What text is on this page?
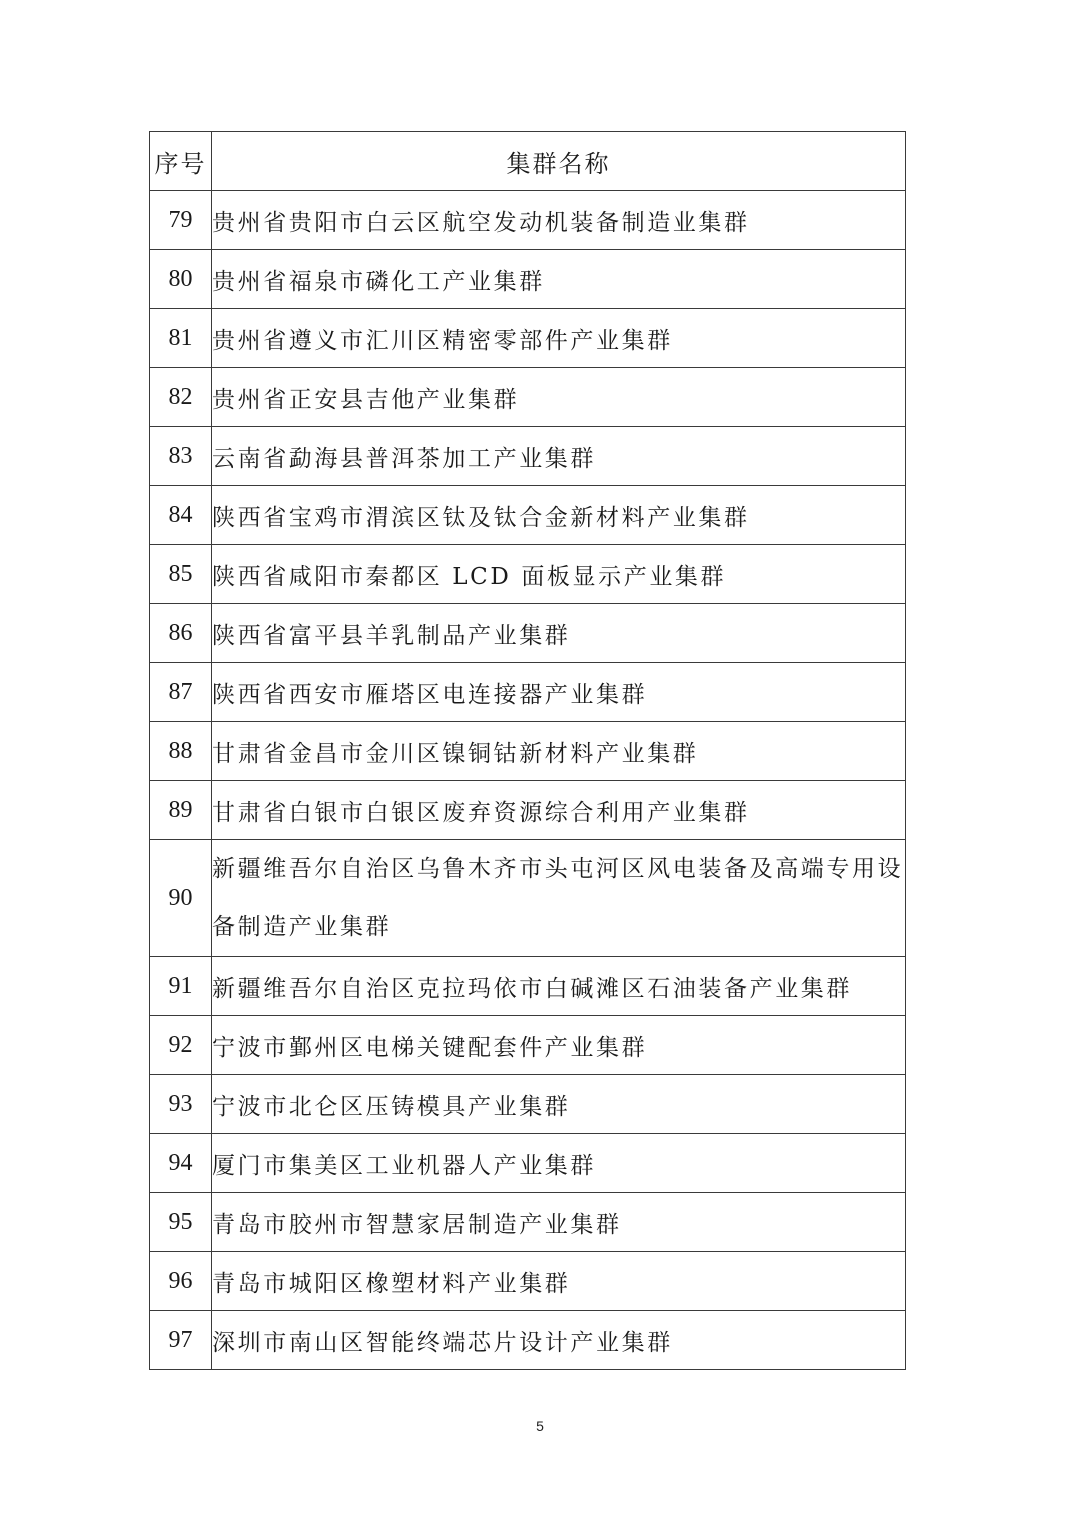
序号	集群名称
79	贵州省贵阳市白云区航空发动机装备制造业集群
80	贵州省福泉市磷化工产业集群
81	贵州省遵义市汇川区精密零部件产业集群
82	贵州省正安县吉他产业集群
83	云南省勐海县普洱茶加工产业集群
84	陕西省宝鸡市渭滨区钛及钛合金新材料产业集群
85	陕西省咸阳市秦都区 LCD 面板显示产业集群
86	陕西省富平县羊乳制品产业集群
87	陕西省西安市雁塔区电连接器产业集群
88	甘肃省金昌市金川区镍铜钴新材料产业集群
89	甘肃省白银市白银区废弃资源综合利用产业集群
90	新疆维吾尔自治区乌鲁木齐市头屯河区风电装备及高端专用设备制造产业集群
91	新疆维吾尔自治区克拉玛依市白碱滩区石油装备产业集群
92	宁波市鄞州区电梯关键配套件产业集群
93	宁波市北仑区压铸模具产业集群
94	厦门市集美区工业机器人产业集群
95	青岛市胶州市智慧家居制造产业集群
96	青岛市城阳区橡塑材料产业集群
97	深圳市南山区智能终端芯片设计产业集群
5
